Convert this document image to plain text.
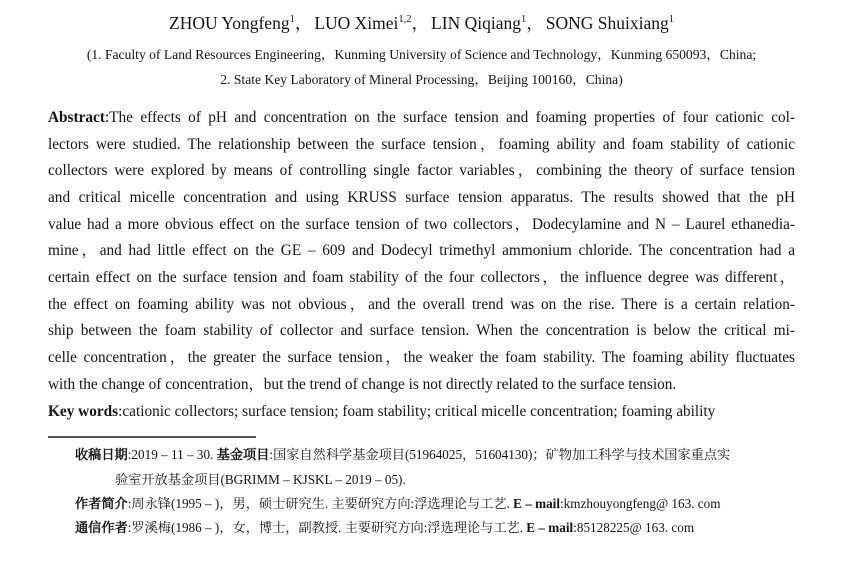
ZHOU Yongfeng$^1$，LUO Ximei$^{1,2}$，LIN Qiqiang$^1$，SONG Shuixiang$^1$
(1. Faculty of Land Resources Engineering，Kunming University of Science and Technology，Kunming 650093，China;
2. State Key Laboratory of Mineral Processing，Beijing 100160，China)
Abstract:The effects of pH and concentration on the surface tension and foaming properties of four cationic col-
lectors were studied. The relationship between the surface tension，foaming ability and foam stability of cationic
collectors were explored by means of controlling single factor variables，combining the theory of surface tension
and critical micelle concentration and using KRUSS surface tension apparatus. The results showed that the pH
value had a more obvious effect on the surface tension of two collectors，Dodecylamine and N – Laurel ethanedia-
mine，and had little effect on the GE – 609 and Dodecyl trimethyl ammonium chloride. The concentration had a
certain effect on the surface tension and foam stability of the four collectors，the influence degree was different，
the effect on foaming ability was not obvious，and the overall trend was on the rise. There is a certain relation-
ship between the foam stability of collector and surface tension. When the concentration is below the critical mi-
celle concentration，the greater the surface tension，the weaker the foam stability. The foaming ability fluctuates
with the change of concentration，but the trend of change is not directly related to the surface tension.
Key words:cationic collectors; surface tension; foam stability; critical micelle concentration; foaming ability
收稿日期:2019 – 11 – 30. 基金项目:国家自然科学基金项目(51964025，51604130)；矿物加工科学与技术国家重点实
验室开放基金项目(BGRIMM – KJSKL – 2019 – 05).
作者简介:周永锋(1995 – )，男，硕士研究生. 主要研究方向:浮选理论与工艺. E – mail:kmzhouyongfeng@ 163. com
通信作者:罗溪梅(1986 – )，女，博士，副教授. 主要研究方向:浮选理论与工艺. E – mail:85128225@ 163. com
